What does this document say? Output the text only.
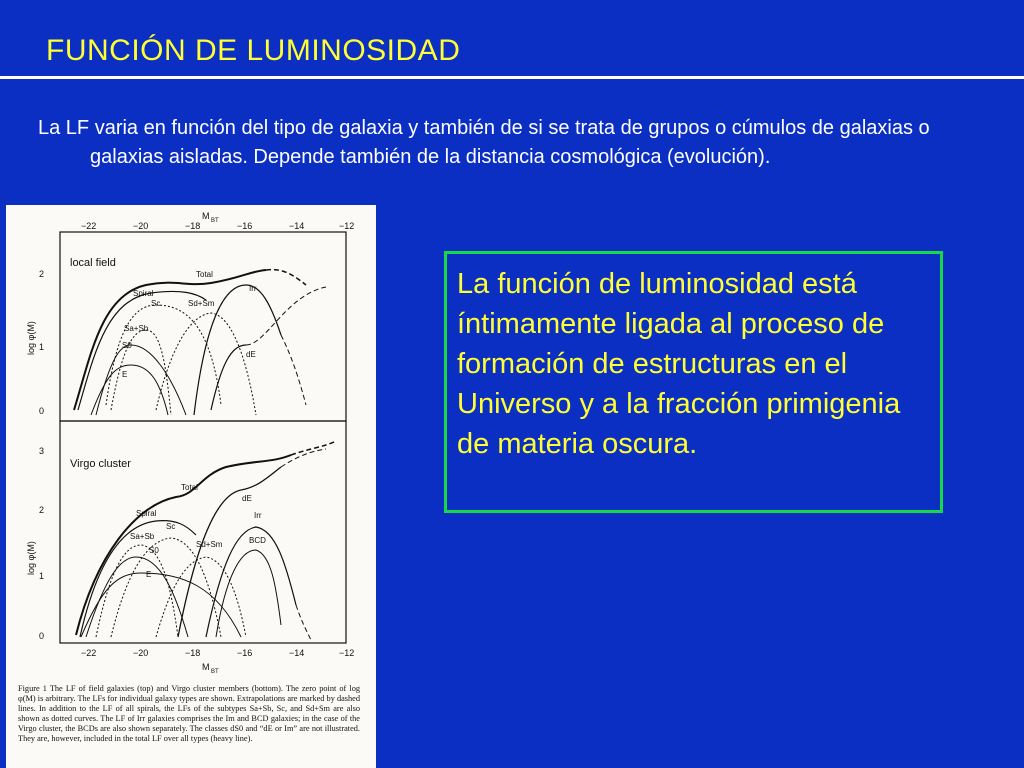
FUNCIÓN DE LUMINOSIDAD
La LF varia en función del tipo de galaxia y también de si se trata de grupos o cúmulos de galaxias o galaxias aisladas. Depende también de la distancia cosmológica (evolución).
−22	−20	−18	−16	−14	−12
M BT
local field
2
1
0
log φ(M)
Total
Spiral
Sc	Sd+Sm
Sa+Sb
S0
E
Irr
dE
Virgo cluster
3
2
1
0
log φ(M)
Total
dE
Spiral	Irr
Sc
Sa+Sb	BCD
Sd+Sm
S0
E
−22	−20	−18	−16	−14	−12
M BT
Figure 1 The LF of field galaxies (top) and Virgo cluster members (bottom). The zero point of log φ(M) is arbitrary. The LFs for individual galaxy types are shown. Extrapolations are marked by dashed lines. In addition to the LF of all spirals, the LFs of the subtypes Sa+Sb, Sc, and Sd+Sm are also shown as dotted curves. The LF of Irr galaxies comprises the Im and BCD galaxies; in the case of the Virgo cluster, the BCDs are also shown separately. The classes dS0 and “dE or Im” are not illustrated. They are, however, included in the total LF over all types (heavy line).
La función de luminosidad está íntimamente ligada al proceso de formación de estructuras en el Universo y a la fracción primigenia de materia oscura.
